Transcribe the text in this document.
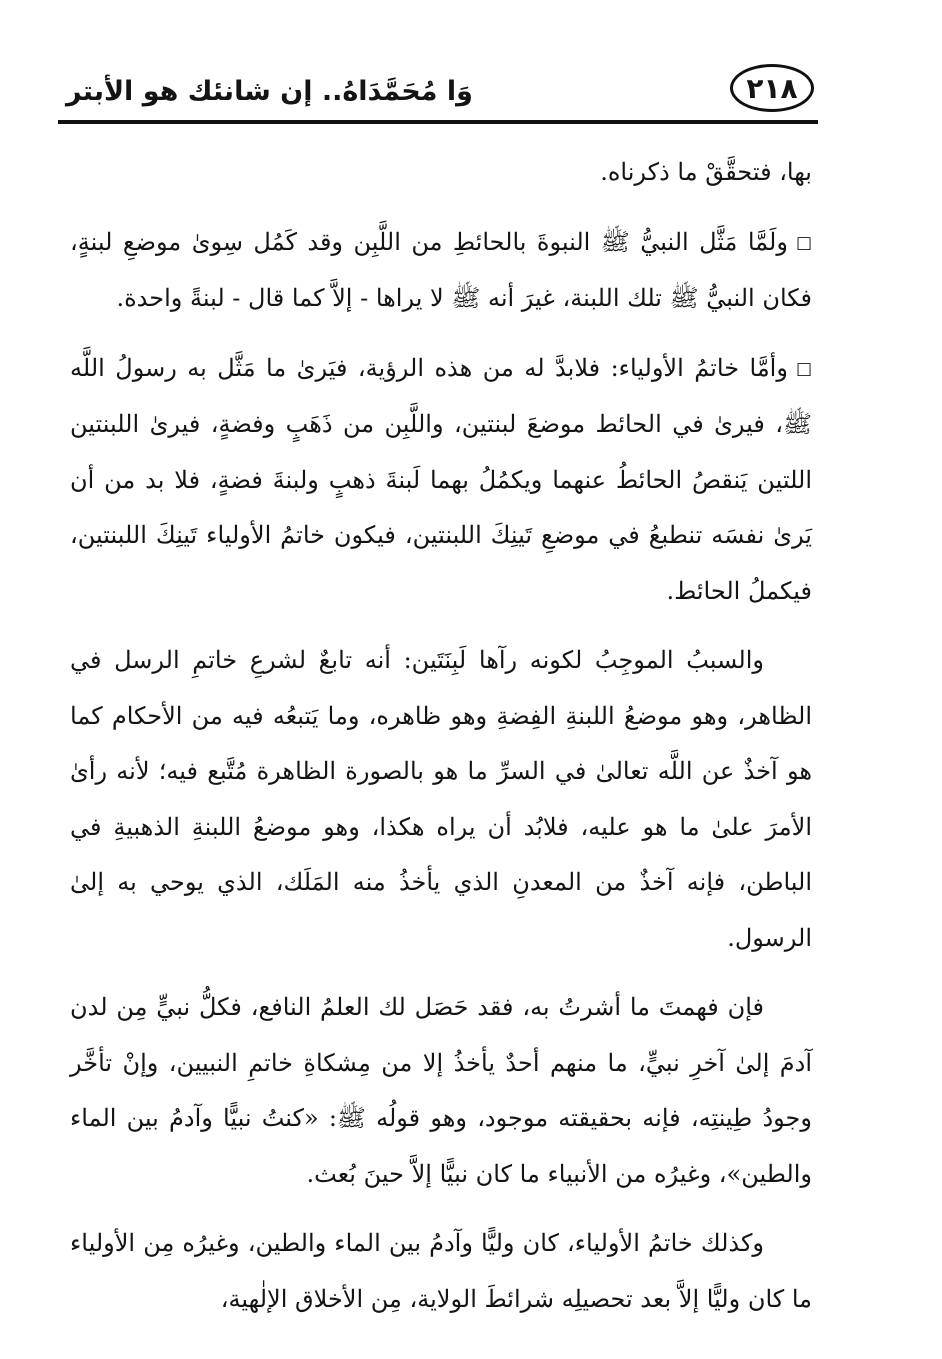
وَا مُحَمَّدَاهُ.. إن شانئك هو الأبتر	٢١٨

بها، فتحقَّقْ ما ذكرناه.

□ولَمَّا مَثَّل النبيُّ ﷺ النبوةَ بالحائطِ من اللَّبِن وقد كَمُل سِوىٰ موضعِ لبنةٍ، فكان النبيُّ ﷺ تلك اللبنة، غيرَ أنه ﷺ لا يراها - إلاَّ كما قال - لبنةً واحدة.

□وأمَّا خاتمُ الأولياء: فلابدَّ له من هذه الرؤية، فيَرىٰ ما مَثَّل به رسولُ اللَّه ﷺ، فيرىٰ في الحائط موضعَ لبنتين، واللَّبِن من ذَهَبٍ وفضةٍ، فيرىٰ اللبنتين اللتين يَنقصُ الحائطُ عنهما ويكمُلُ بهما لَبنةَ ذهبٍ ولبنةَ فضةٍ، فلا بد من أن يَرىٰ نفسَه تنطبعُ في موضعِ تَينِكَ اللبنتين، فيكون خاتمُ الأولياء تَينِكَ اللبنتين، فيكملُ الحائط.

والسببُ الموجِبُ لكونه رآها لَبِنَتَين: أنه تابعٌ لشرعِ خاتمِ الرسل في الظاهر، وهو موضعُ اللبنةِ الفِضةِ وهو ظاهره، وما يَتبعُه فيه من الأحكام كما هو آخذٌ عن اللَّه تعالىٰ في السرِّ ما هو بالصورة الظاهرة مُتَّبع فيه؛ لأنه رأىٰ الأمرَ علىٰ ما هو عليه، فلابُد أن يراه هكذا، وهو موضعُ اللبنةِ الذهبيةِ في الباطن، فإنه آخذٌ من المعدنِ الذي يأخذُ منه المَلَك، الذي يوحي به إلىٰ الرسول.

فإن فهمتَ ما أشرتُ به، فقد حَصَل لك العلمُ النافع، فكلُّ نبيٍّ مِن لدن آدمَ إلىٰ آخرِ نبيٍّ، ما منهم أحدٌ يأخذُ إلا من مِشكاةِ خاتمِ النبيين، وإنْ تأخَّر وجودُ طِينتِه، فإنه بحقيقته موجود، وهو قولُه ﷺ: «كنتُ نبيًّا وآدمُ بين الماء والطين»، وغيرُه من الأنبياء ما كان نبيًّا إلاَّ حينَ بُعث.

وكذلك خاتمُ الأولياء، كان وليًّا وآدمُ بين الماء والطين، وغيرُه مِن الأولياء ما كان وليًّا إلاَّ بعد تحصيلِه شرائطَ الولاية، مِن الأخلاق الإلٰهية،
